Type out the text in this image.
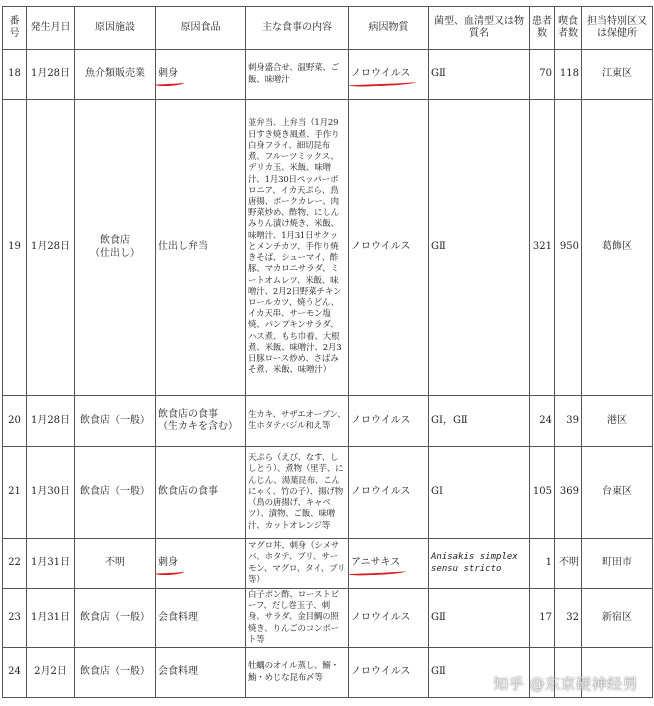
番号	発生月日	原因施設	原因食品	主な食事の内容	病因物質	菌型、血清型又は物質名	患者数	喫食者数	担当特別区又は保健所
18	1月28日	魚介類販売業	刺身	刺身盛合せ、温野菜、ご飯、味噌汁	ノロウイルス	GⅡ	70	118	江東区
19	1月28日	飲食店
（仕出し）	仕出し弁当	並弁当、上弁当（1月29日すき焼き風煮、手作り白身フライ、細切昆布煮、フルーツミックス、デリカ玉、米飯、味噌汁、1月30日ペッパーボロニア、イカ天ぷら、鳥唐揚、ポークカレー、肉野菜炒め、酢物、にしんみりん漬け焼き、米飯、味噌汁、1月31日サクッとメンチカツ、手作り焼きそば、シューマイ、酢豚、マカロニサラダ、ミートオムレツ、米飯、味噌汁、2月2日野菜チキンロールカツ、焼うどん、イカ天串、サーモン塩焼、パンプキンサラダ、ハス煮、もち巾着、大根煮、米飯、味噌汁、2月3日豚ロース炒め、さばみそ煮、米飯、味噌汁）	ノロウイルス	GⅡ	321	950	葛飾区
20	1月28日	飲食店（一般）	飲食店の食事
（生カキを含む）	生カキ、サザエオーブン、生ホタテバジル和え等	ノロウイルス	GⅠ，GⅡ	24	39	港区
21	1月30日	飲食店（一般）	飲食店の食事	天ぷら（えび、なす、ししとう）、煮物（里芋、にんじん、湯葉昆布、こんにゃく、竹の子）、揚げ物（鳥の唐揚げ、キャベツ）、漬物、ご飯、味噌汁、カットオレンジ等	ノロウイルス	GⅠ	105	369	台東区
22	1月31日	不明	刺身	マグロ丼、刺身（シメサバ、ホタテ、ブリ、サーモン、マグロ、タイ、ブリ等）	アニサキス	Anisakis simplex sensu stricto	1	不明	町田市
23	1月31日	飲食店（一般）	会食料理	白子ポン酢、ローストビーフ、だし巻玉子、刺身、サラダ、金目鯛の照焼き、りんごのコンポート等	ノロウイルス	GⅡ	17	32	新宿区
24	2月2日	飲食店（一般）	会食料理	牡蠣のオイル蒸し、鰯・鮪・めじな昆布〆等	ノロウイルス	GⅡ			
知乎 @东京硬神经男
